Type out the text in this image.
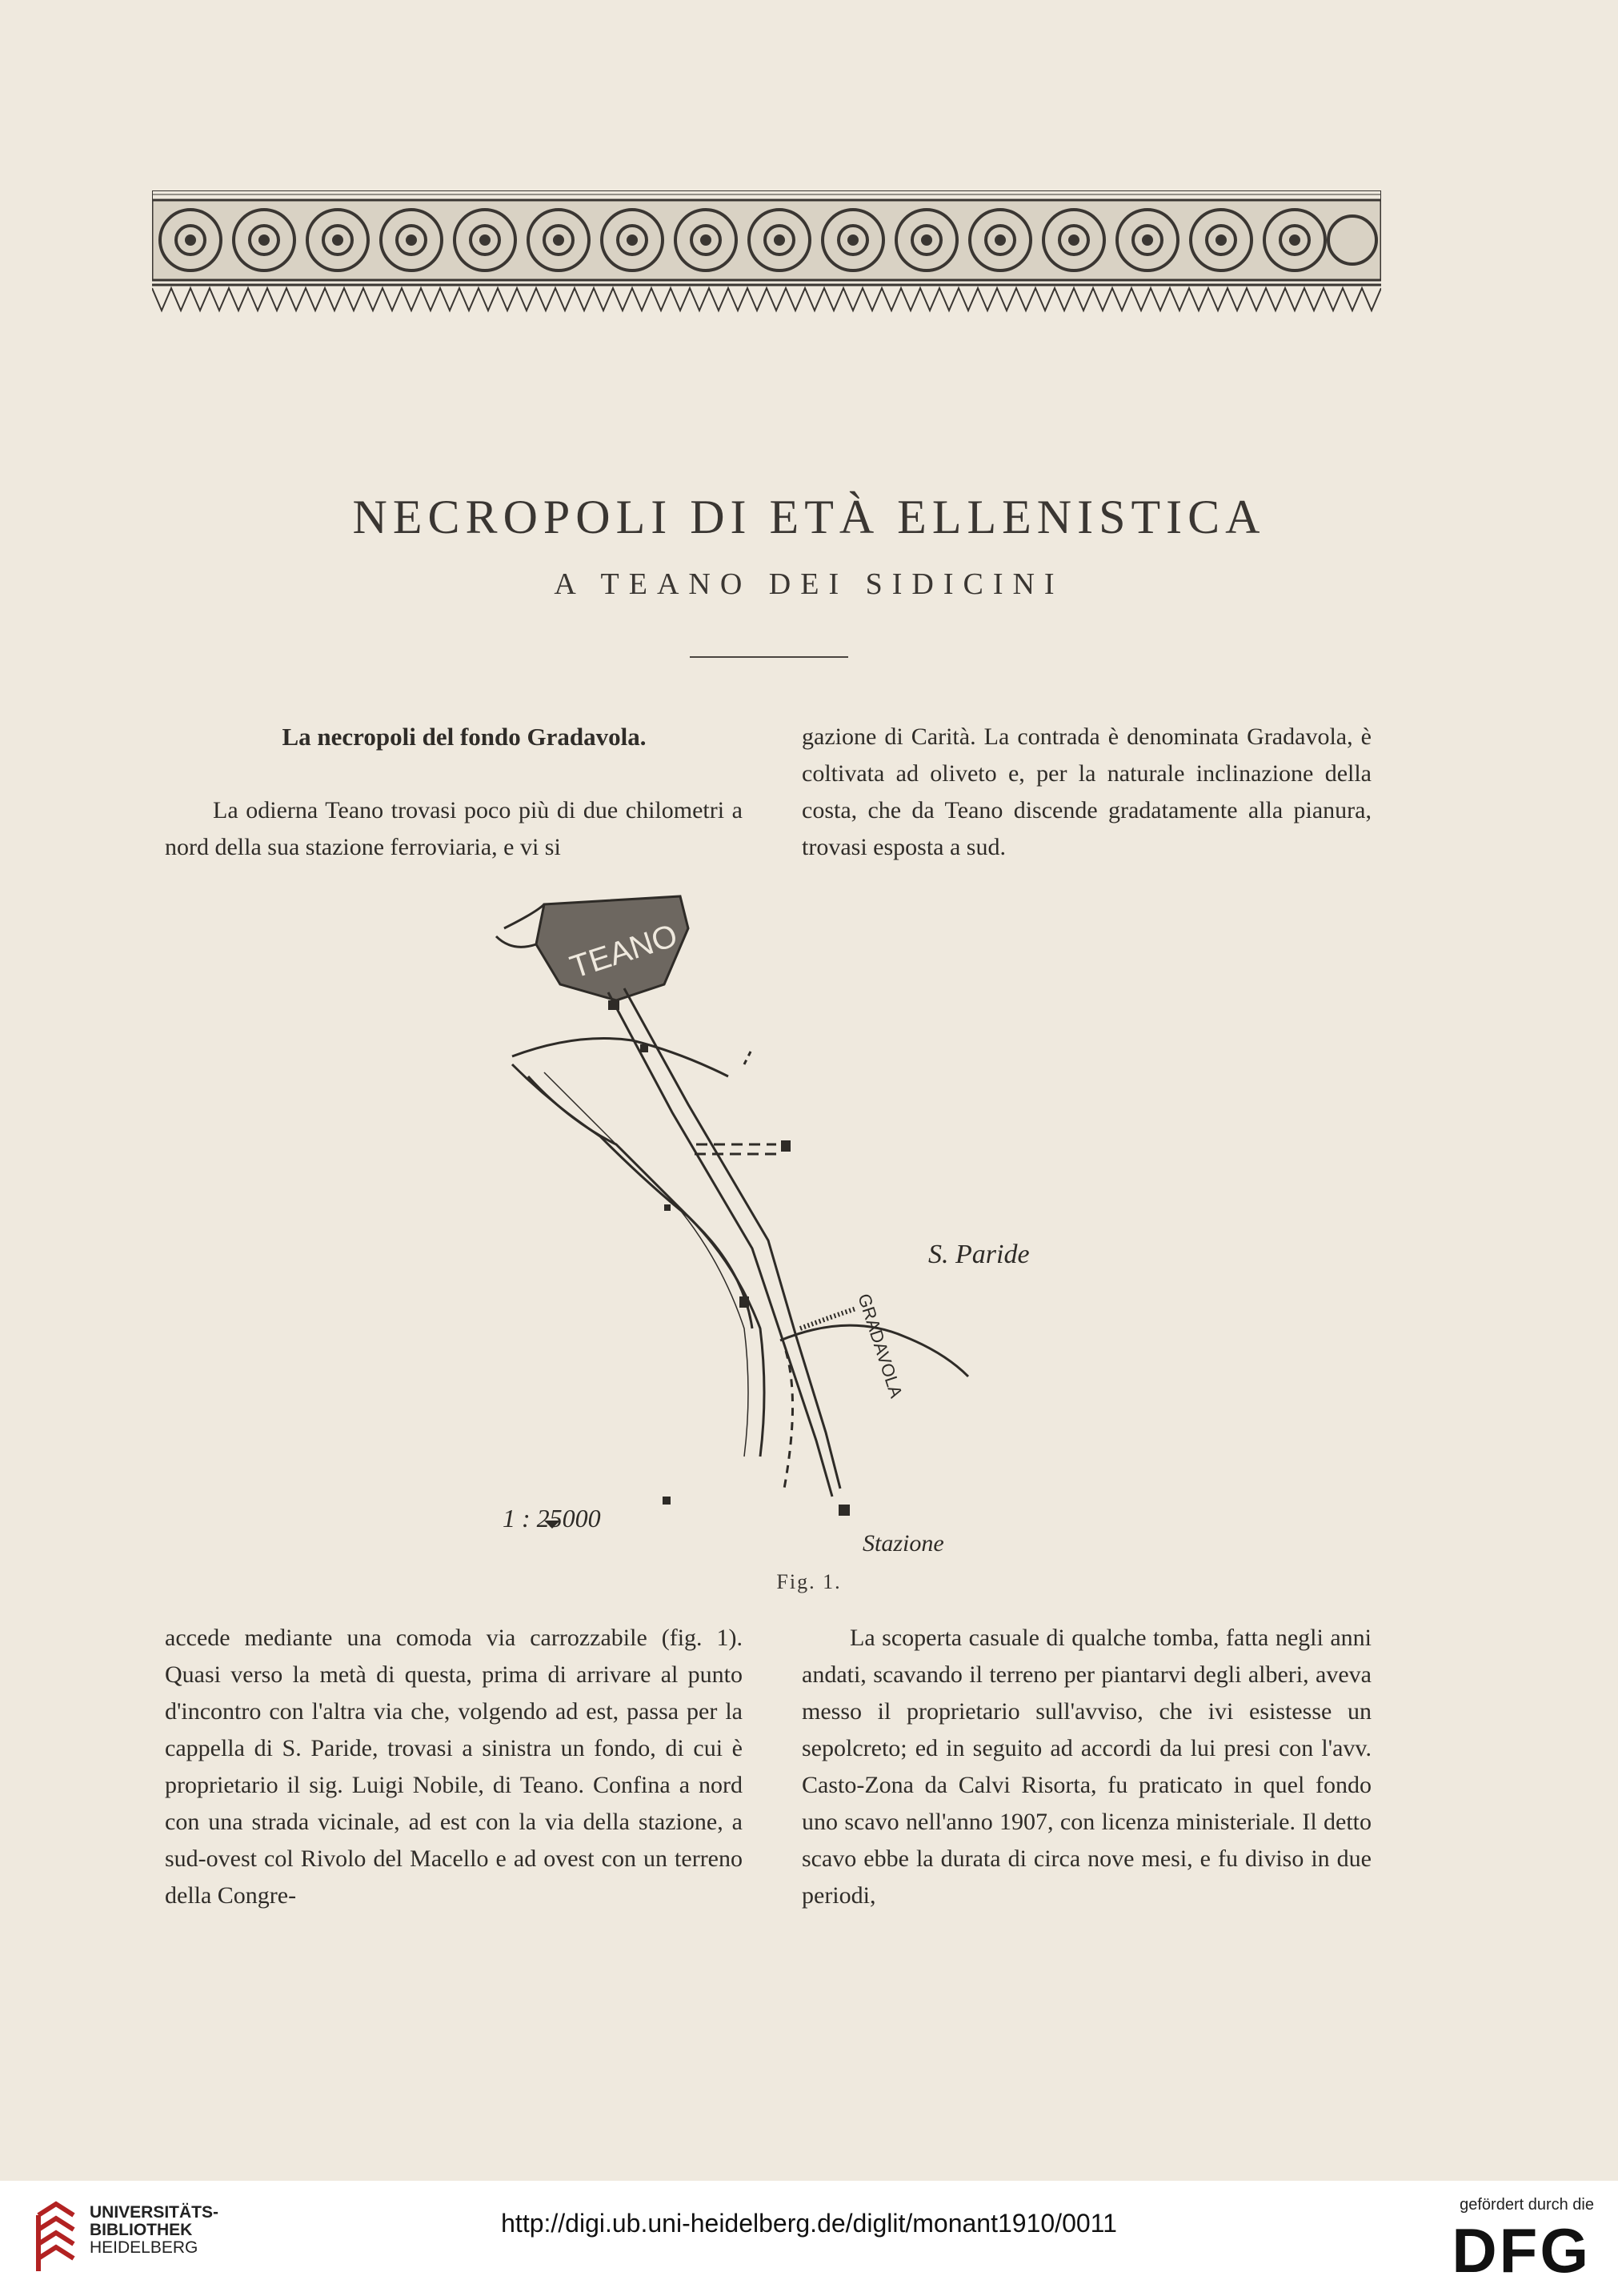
NECROPOLI DI ETÀ ELLENISTICA
A TEANO DEI SIDICINI

La necropoli del fondo Gradavola.

La odierna Teano trovasi poco più di due chilometri a nord della sua stazione ferroviaria, e vi si

gazione di Carità. La contrada è denominata Gradavola, è coltivata ad oliveto e, per la naturale inclinazione della costa, che da Teano discende gradatamente alla pianura, trovasi esposta a sud.

TEANO
S. Paride
GRADAVOLA
Stazione
1 : 25000
Fig. 1.

accede mediante una comoda via carrozzabile (fig. 1). Quasi verso la metà di questa, prima di arrivare al punto d'incontro con l'altra via che, volgendo ad est, passa per la cappella di S. Paride, trovasi a sinistra un fondo, di cui è proprietario il sig. Luigi Nobile, di Teano. Confina a nord con una strada vicinale, ad est con la via della stazione, a sud-ovest col Rivolo del Macello e ad ovest con un terreno della Congre-

La scoperta casuale di qualche tomba, fatta negli anni andati, scavando il terreno per piantarvi degli alberi, aveva messo il proprietario sull'avviso, che ivi esistesse un sepolcreto; ed in seguito ad accordi da lui presi con l'avv. Casto-Zona da Calvi Risorta, fu praticato in quel fondo uno scavo nell'anno 1907, con licenza ministeriale. Il detto scavo ebbe la durata di circa nove mesi, e fu diviso in due periodi,

UNIVERSITÄTS-
BIBLIOTHEK
HEIDELBERG
http://digi.ub.uni-heidelberg.de/diglit/monant1910/0011
gefördert durch die
DFG
